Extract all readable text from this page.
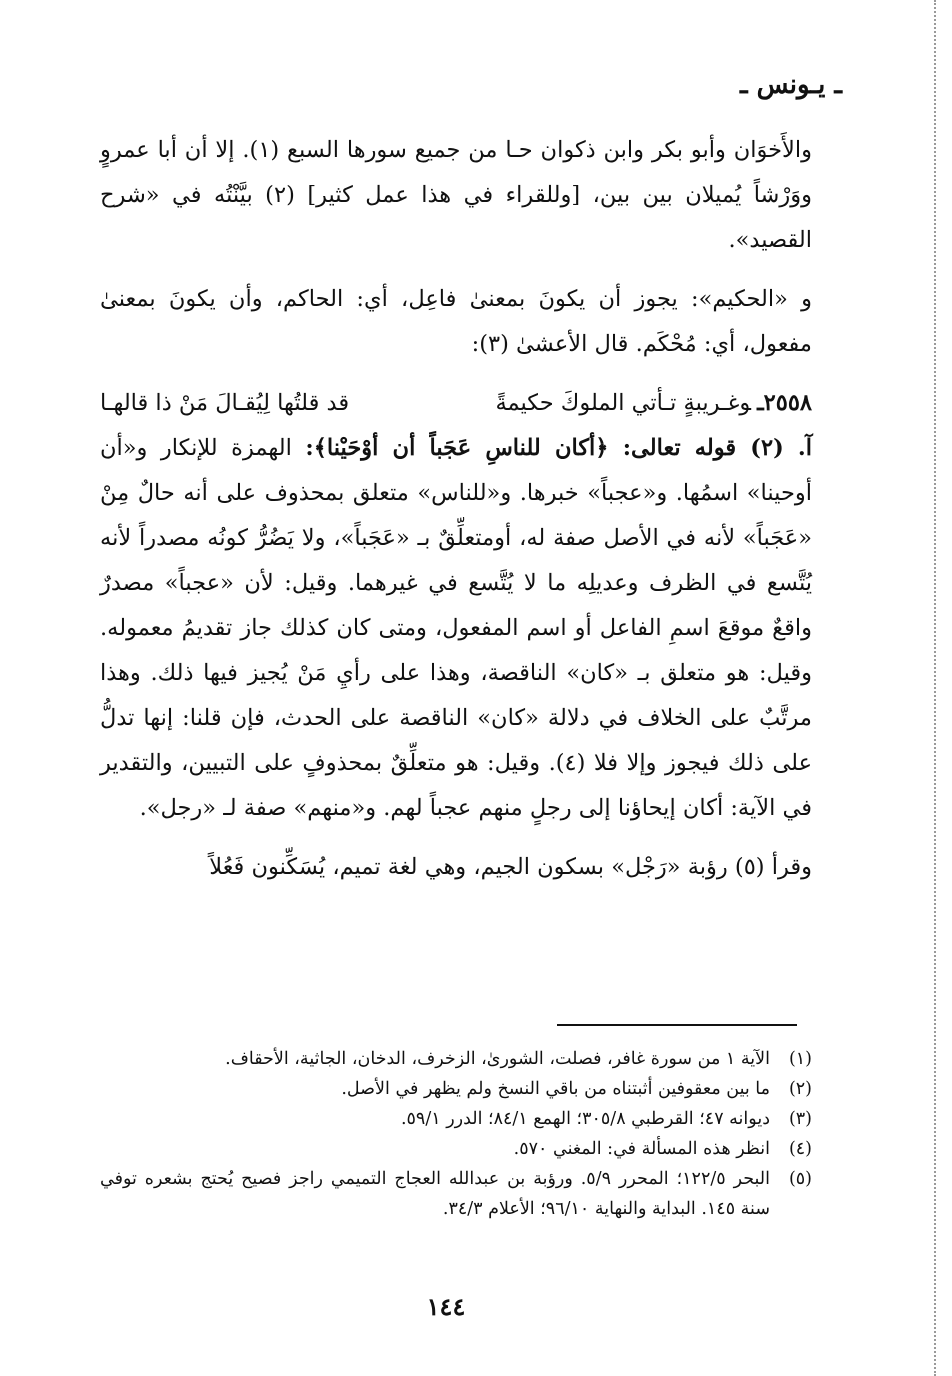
ـ يـونس ـ

والأَخوَان وأبو بكر وابن ذكوان حـا من جميع سورها السبع (١). إلا أن أبا عمروٍ ووَرْشاً يُميلان بين بين، [وللقراء في هذا عمل كثير] (٢) بيَّنْتُه في «شرح القصيد».

و «الحكيم»: يجوز أن يكونَ بمعنىٰ فاعِل، أي: الحاكم، وأن يكونَ بمعنىٰ مفعول، أي: مُحْكَم. قال الأعشىٰ (٣):

٢٥٥٨ـوغـريبةٍ تـأتي الملوكَ حكيمةً
قد قلتُها لِيُقـالَ مَنْ ذا قالهـا

آ. (٢) قوله تعالى: ﴿أكان للناسِ عَجَباً أن أوْحَيْنا﴾: الهمزة للإنكار و«أن أوحينا» اسمُها. و«عجباً» خبرها. و«للناس» متعلق بمحذوف على أنه حالٌ مِنْ «عَجَباً» لأنه في الأصل صفة له، أومتعلِّقٌ بـ «عَجَباً»، ولا يَضُرُّ كونُه مصدراً لأنه يُتَّسع في الظرف وعديلِه ما لا يُتَّسع في غيرهما. وقيل: لأن «عجباً» مصدرٌ واقعٌ موقعَ اسمِ الفاعل أو اسم المفعول، ومتى كان كذلك جاز تقديمُ معموله. وقيل: هو متعلق بـ «كان» الناقصة، وهذا على رأيِ مَنْ يُجيز فيها ذلك. وهذا مرتَّبٌ على الخلاف في دلالة «كان» الناقصة على الحدث، فإن قلنا: إنها تدلُّ على ذلك فيجوز وإلا فلا (٤). وقيل: هو متعلِّقٌ بمحذوفٍ على التبيين، والتقدير في الآية: أكان إيحاؤنا إلى رجلٍ منهم عجباً لهم. و«منهم» صفة لـ «رجل».

وقرأ (٥) رؤبة «رَجْل» بسكون الجيم، وهي لغة تميم، يُسَكِّنون فَعُلاً

(١)
الآية ١ من سورة غافر، فصلت، الشورىٰ، الزخرف، الدخان، الجاثية، الأحقاف.
(٢)
ما بين معقوفين أثبتناه من باقي النسخ ولم يظهر في الأصل.
(٣)
ديوانه ٤٧؛ القرطبي ٣٠٥/٨؛ الهمع ٨٤/١؛ الدرر ٥٩/١.
(٤)
انظر هذه المسألة في: المغني ٥٧٠.
(٥)
البحر ١٢٢/٥؛ المحرر ٥/٩. ورؤبة بن عبدالله العجاج التميمي راجز فصيح يُحتج بشعره توفي سنة ١٤٥. البداية والنهاية ٩٦/١٠؛ الأعلام ٣٤/٣.
١٤٤
